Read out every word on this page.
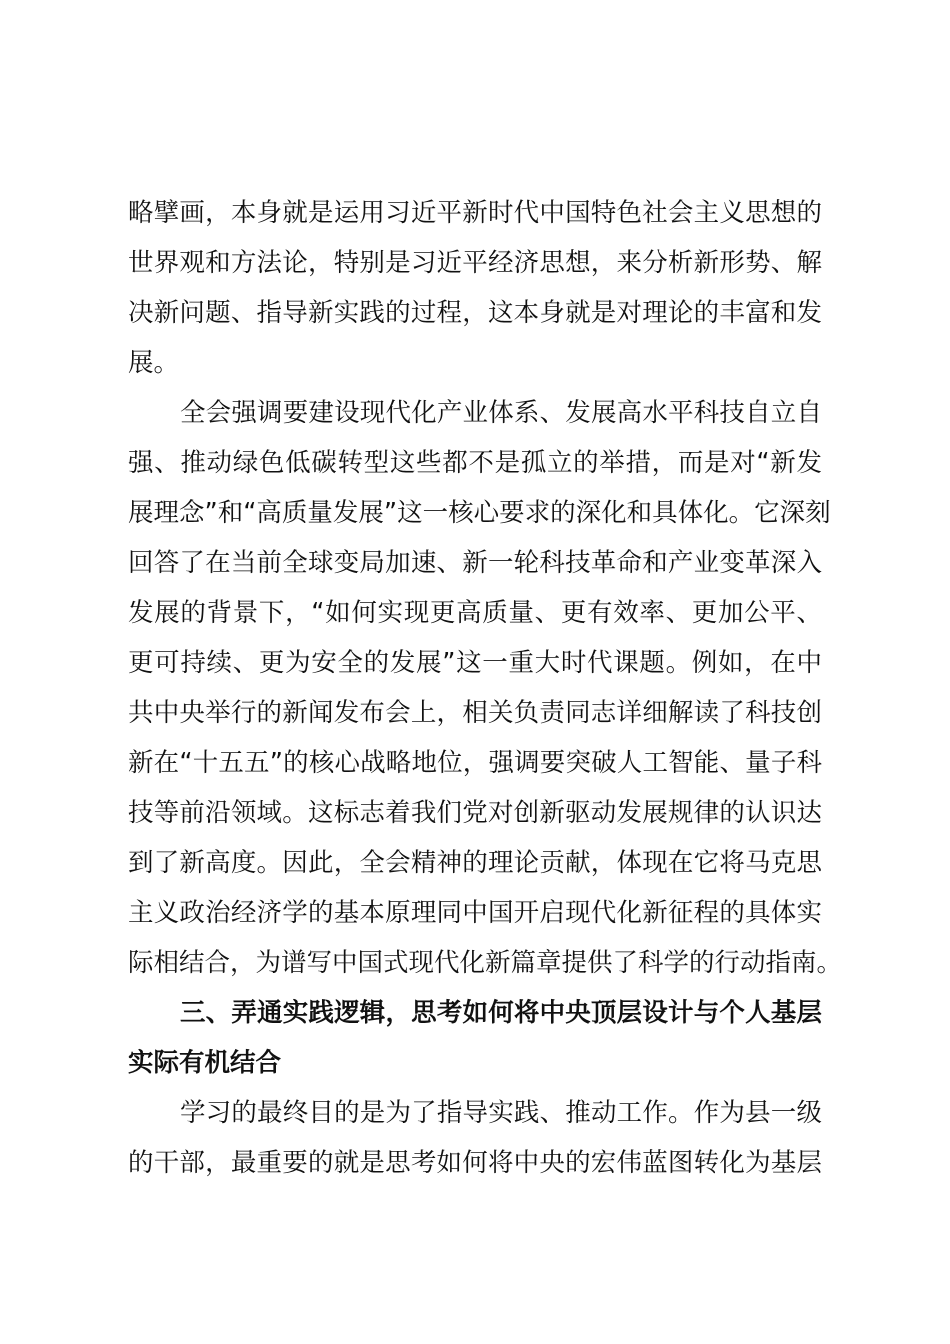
略擘画，本身就是运用习近平新时代中国特色社会主义思想的
世界观和方法论，特别是习近平经济思想，来分析新形势、解
决新问题、指导新实践的过程，这本身就是对理论的丰富和发
展。
全会强调要建设现代化产业体系、发展高水平科技自立自
强、推动绿色低碳转型这些都不是孤立的举措，而是对“新发
展理念”和“高质量发展”这一核心要求的深化和具体化。它深刻
回答了在当前全球变局加速、新一轮科技革命和产业变革深入
发展的背景下，“如何实现更高质量、更有效率、更加公平、
更可持续、更为安全的发展”这一重大时代课题。例如，在中
共中央举行的新闻发布会上，相关负责同志详细解读了科技创
新在“十五五”的核心战略地位，强调要突破人工智能、量子科
技等前沿领域。这标志着我们党对创新驱动发展规律的认识达
到了新高度。因此，全会精神的理论贡献，体现在它将马克思
主义政治经济学的基本原理同中国开启现代化新征程的具体实
际相结合，为谱写中国式现代化新篇章提供了科学的行动指南。
三、弄通实践逻辑，思考如何将中央顶层设计与个人基层
实际有机结合
学习的最终目的是为了指导实践、推动工作。作为县一级
的干部，最重要的就是思考如何将中央的宏伟蓝图转化为基层
